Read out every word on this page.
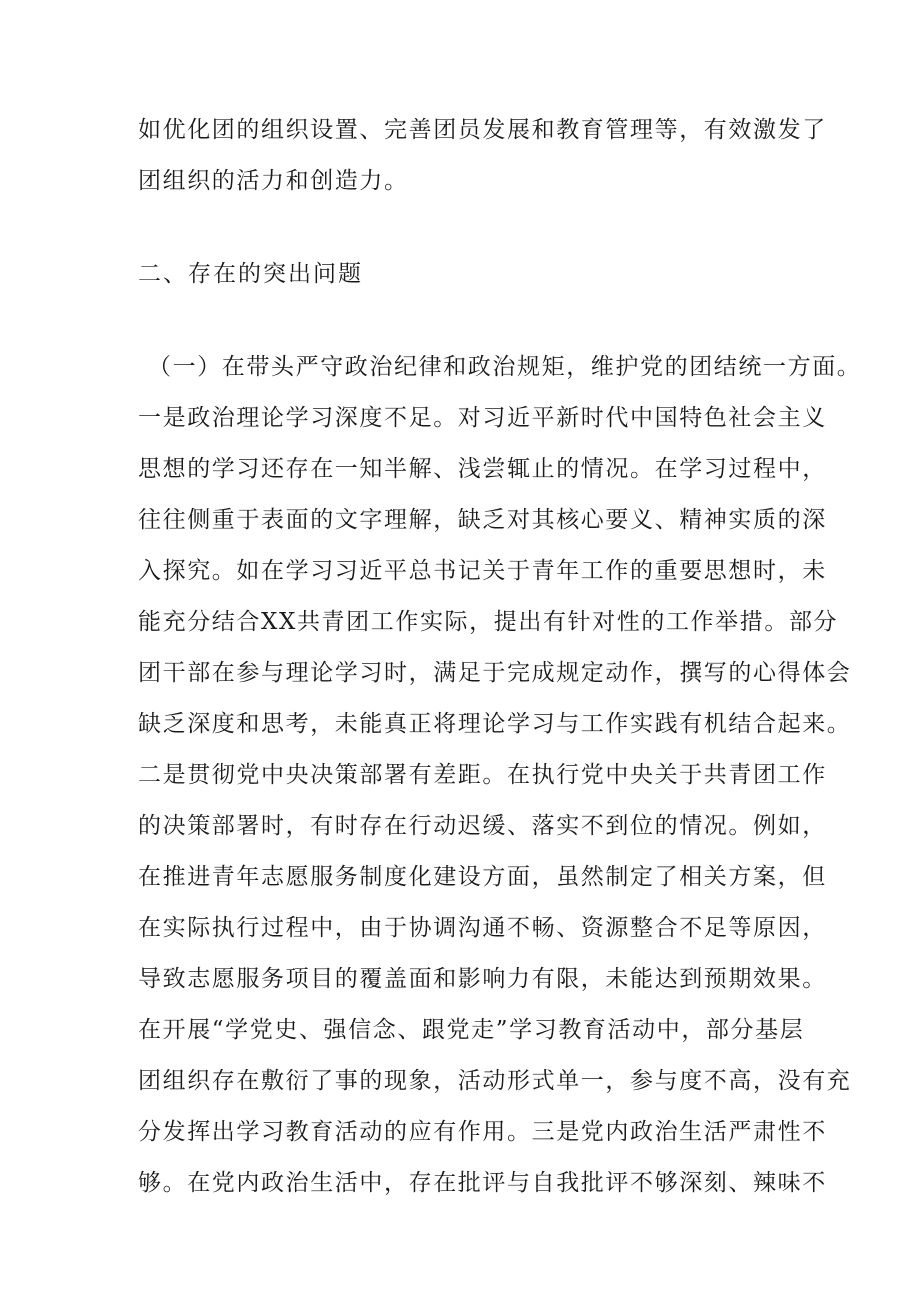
如优化团的组织设置、完善团员发展和教育管理等，有效激发了
团组织的活力和创造力。
二、存在的突出问题
（一）在带头严守政治纪律和政治规矩，维护党的团结统一方面。
一是政治理论学习深度不足。对习近平新时代中国特色社会主义
思想的学习还存在一知半解、浅尝辄止的情况。在学习过程中，
往往侧重于表面的文字理解，缺乏对其核心要义、精神实质的深
入探究。如在学习习近平总书记关于青年工作的重要思想时，未
能充分结合XX共青团工作实际，提出有针对性的工作举措。部分
团干部在参与理论学习时，满足于完成规定动作，撰写的心得体会
缺乏深度和思考，未能真正将理论学习与工作实践有机结合起来。
二是贯彻党中央决策部署有差距。在执行党中央关于共青团工作
的决策部署时，有时存在行动迟缓、落实不到位的情况。例如，
在推进青年志愿服务制度化建设方面，虽然制定了相关方案，但
在实际执行过程中，由于协调沟通不畅、资源整合不足等原因，
导致志愿服务项目的覆盖面和影响力有限，未能达到预期效果。
在开展“学党史、强信念、跟党走”学习教育活动中，部分基层
团组织存在敷衍了事的现象，活动形式单一，参与度不高，没有充
分发挥出学习教育活动的应有作用。三是党内政治生活严肃性不
够。在党内政治生活中，存在批评与自我批评不够深刻、辣味不
